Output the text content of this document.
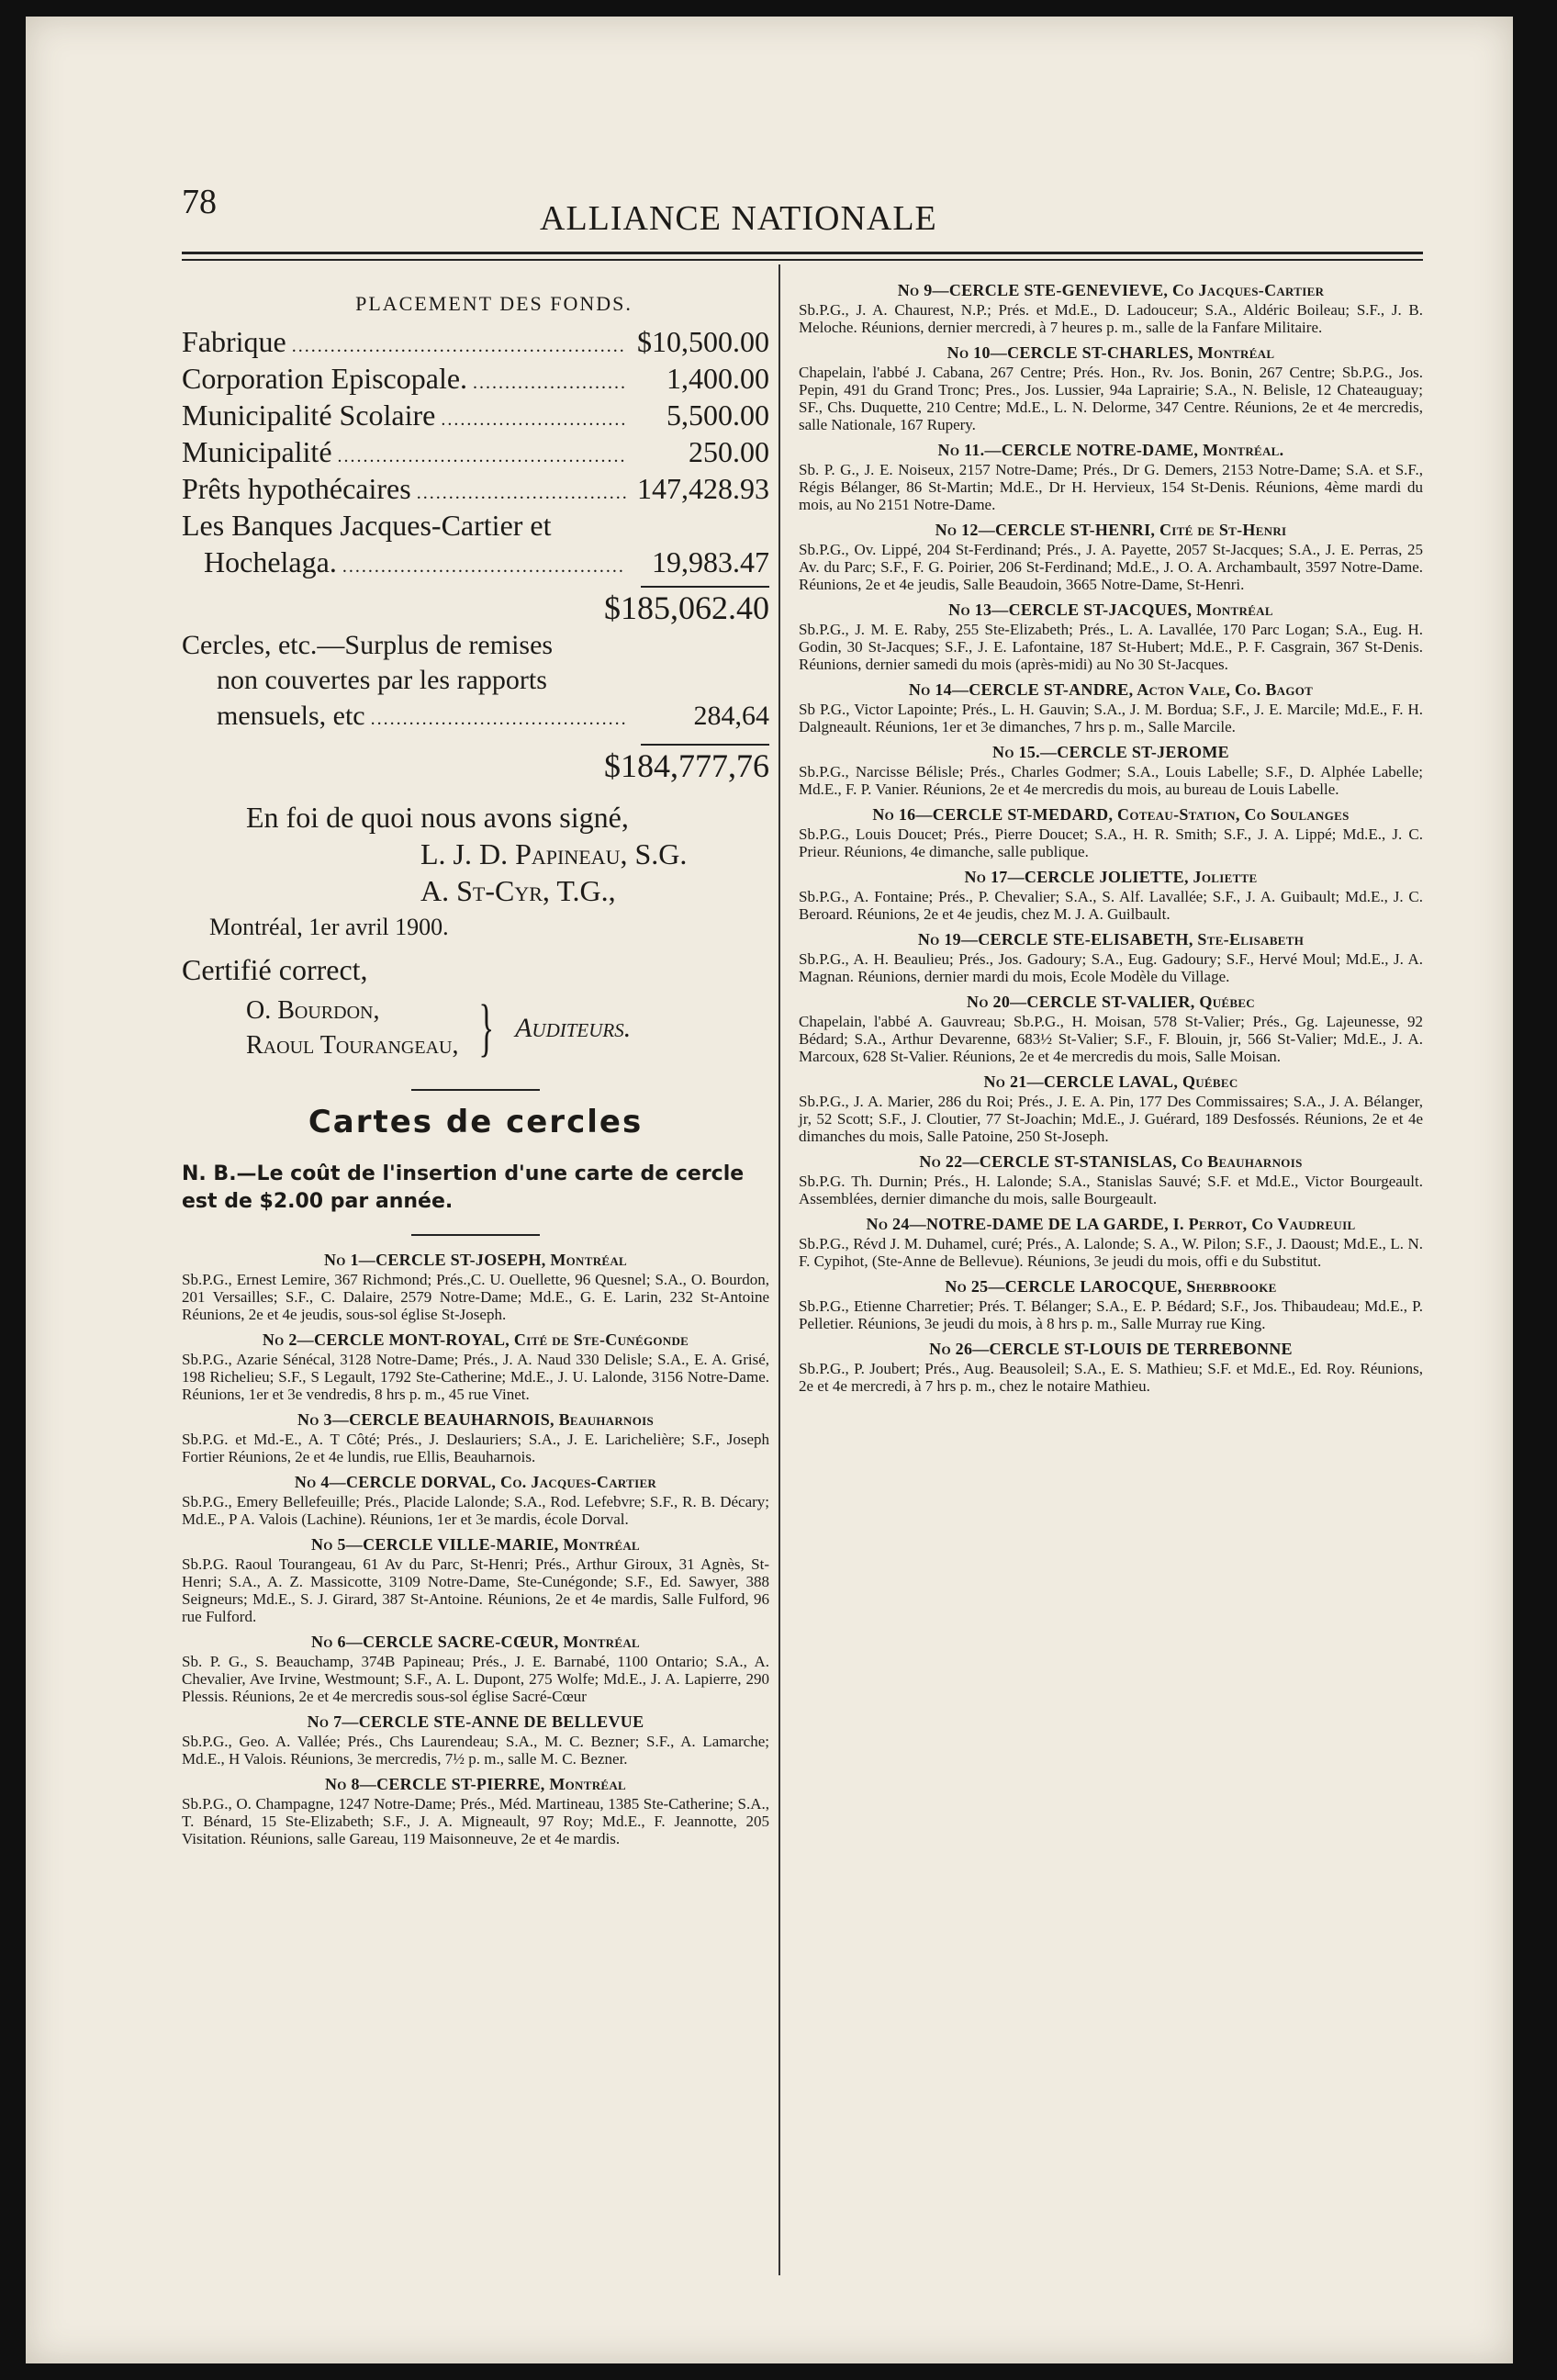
78	ALLIANCE NATIONALE
PLACEMENT DES FONDS.
Fabrique .....	$10,500.00
Corporation Episcopale. .....	1,400.00
Municipalité Scolaire .....	5,500.00
Municipalité .....	250.00
Prêts hypothécaires .....	147,428.93
Les Banques Jacques-Cartier et
Hochelaga. .....	19,983.47
$185,062.40
Cercles, etc.—Surplus de remises
non couvertes par les rapports
mensuels, etc .....	284,64
$184,777,76
En foi de quoi nous avons signé,
L. J. D. Papineau, S.G.
A. St-Cyr, T.G.,
Montréal, 1er avril 1900.
Certifié correct,
O. Bourdon,
Raoul Tourangeau, } Auditeurs.
Cartes de cercles
N. B.—Le coût de l'insertion d'une carte de cercle est de $2.00 par année.
No 1—CERCLE ST-JOSEPH, Montréal
Sb.P.G., Ernest Lemire, 367 Richmond; Prés.,C. U. Ouellette, 96 Quesnel; S.A., O. Bourdon, 201 Versailles; S.F., C. Dalaire, 2579 Notre-Dame; Md.E., G. E. Larin, 232 St-Antoine Réunions, 2e et 4e jeudis, sous-sol église St-Joseph.
No 2—CERCLE MONT-ROYAL, Cité de Ste-Cunégonde
Sb.P.G., Azarie Sénécal, 3128 Notre-Dame; Prés., J. A. Naud 330 Delisle; S.A., E. A. Grisé, 198 Richelieu; S.F., S Legault, 1792 Ste-Catherine; Md.E., J. U. Lalonde, 3156 Notre-Dame. Réunions, 1er et 3e vendredis, 8 hrs p. m., 45 rue Vinet.
No 3—CERCLE BEAUHARNOIS, Beauharnois
Sb.P.G. et Md.-E., A. T Côté; Prés., J. Deslauriers; S.A., J. E. Larichelière; S.F., Joseph Fortier Réunions, 2e et 4e lundis, rue Ellis, Beauharnois.
No 4—CERCLE DORVAL, Co. Jacques-Cartier
Sb.P.G., Emery Bellefeuille; Prés., Placide Lalonde; S.A., Rod. Lefebvre; S.F., R. B. Décary; Md.E., P A. Valois (Lachine). Réunions, 1er et 3e mardis, école Dorval.
No 5—CERCLE VILLE-MARIE, Montréal
Sb.P.G. Raoul Tourangeau, 61 Av du Parc, St-Henri; Prés., Arthur Giroux, 31 Agnès, St-Henri; S.A., A. Z. Massicotte, 3109 Notre-Dame, Ste-Cunégonde; S.F., Ed. Sawyer, 388 Seigneurs; Md.E., S. J. Girard, 387 St-Antoine. Réunions, 2e et 4e mardis, Salle Fulford, 96 rue Fulford.
No 6—CERCLE SACRE-CŒUR, Montréal
Sb. P. G., S. Beauchamp, 374B Papineau; Prés., J. E. Barnabé, 1100 Ontario; S.A., A. Chevalier, Ave Irvine, Westmount; S.F., A. L. Dupont, 275 Wolfe; Md.E., J. A. Lapierre, 290 Plessis. Réunions, 2e et 4e mercredis sous-sol église Sacré-Cœur
No 7—CERCLE STE-ANNE DE BELLEVUE
Sb.P.G., Geo. A. Vallée; Prés., Chs Laurendeau; S.A., M. C. Bezner; S.F., A. Lamarche; Md.E., H Valois. Réunions, 3e mercredis, 7½ p. m., salle M. C. Bezner.
No 8—CERCLE ST-PIERRE, Montréal
Sb.P.G., O. Champagne, 1247 Notre-Dame; Prés., Méd. Martineau, 1385 Ste-Catherine; S.A., T. Bénard, 15 Ste-Elizabeth; S.F., J. A. Migneault, 97 Roy; Md.E., F. Jeannotte, 205 Visitation. Réunions, salle Gareau, 119 Maisonneuve, 2e et 4e mardis.
No 9—CERCLE STE-GENEVIEVE, Co Jacques-Cartier
Sb.P.G., J. A. Chaurest, N.P.; Prés. et Md.E., D. Ladouceur; S.A., Aldéric Boileau; S.F., J. B. Meloche. Réunions, dernier mercredi, à 7 heures p. m., salle de la Fanfare Militaire.
No 10—CERCLE ST-CHARLES, Montréal
Chapelain, l'abbé J. Cabana, 267 Centre; Prés. Hon., Rv. Jos. Bonin, 267 Centre; Sb.P.G., Jos. Pepin, 491 du Grand Tronc; Pres., Jos. Lussier, 94a Laprairie; S.A., N. Belisle, 12 Chateauguay; SF., Chs. Duquette, 210 Centre; Md.E., L. N. Delorme, 347 Centre. Réunions, 2e et 4e mercredis, salle Nationale, 167 Rupery.
No 11.—CERCLE NOTRE-DAME, Montréal.
Sb. P. G., J. E. Noiseux, 2157 Notre-Dame; Prés., Dr G. Demers, 2153 Notre-Dame; S.A. et S.F., Régis Bélanger, 86 St-Martin; Md.E., Dr H. Hervieux, 154 St-Denis. Réunions, 4ème mardi du mois, au No 2151 Notre-Dame.
No 12—CERCLE ST-HENRI, Cité de St-Henri
Sb.P.G., Ov. Lippé, 204 St-Ferdinand; Prés., J. A. Payette, 2057 St-Jacques; S.A., J. E. Perras, 25 Av. du Parc; S.F., F. G. Poirier, 206 St-Ferdinand; Md.E., J. O. A. Archambault, 3597 Notre-Dame. Réunions, 2e et 4e jeudis, Salle Beaudoin, 3665 Notre-Dame, St-Henri.
No 13—CERCLE ST-JACQUES, Montréal
Sb.P.G., J. M. E. Raby, 255 Ste-Elizabeth; Prés., L. A. Lavallée, 170 Parc Logan; S.A., Eug. H. Godin, 30 St-Jacques; S.F., J. E. Lafontaine, 187 St-Hubert; Md.E., P. F. Casgrain, 367 St-Denis. Réunions, dernier samedi du mois (après-midi) au No 30 St-Jacques.
No 14—CERCLE ST-ANDRE, Acton Vale, Co. Bagot
Sb P.G., Victor Lapointe; Prés., L. H. Gauvin; S.A., J. M. Bordua; S.F., J. E. Marcile; Md.E., F. H. Dalgneault. Réunions, 1er et 3e dimanches, 7 hrs p. m., Salle Marcile.
No 15.—CERCLE ST-JEROME
Sb.P.G., Narcisse Bélisle; Prés., Charles Godmer; S.A., Louis Labelle; S.F., D. Alphée Labelle; Md.E., F. P. Vanier. Réunions, 2e et 4e mercredis du mois, au bureau de Louis Labelle.
No 16—CERCLE ST-MEDARD, Coteau-Station, Co Soulanges
Sb.P.G., Louis Doucet; Prés., Pierre Doucet; S.A., H. R. Smith; S.F., J. A. Lippé; Md.E., J. C. Prieur. Réunions, 4e dimanche, salle publique.
No 17—CERCLE JOLIETTE, Joliette
Sb.P.G., A. Fontaine; Prés., P. Chevalier; S.A., S. Alf. Lavallée; S.F., J. A. Guibault; Md.E., J. C. Beroard. Réunions, 2e et 4e jeudis, chez M. J. A. Guilbault.
No 19—CERCLE STE-ELISABETH, Ste-Elisabeth
Sb.P.G., A. H. Beaulieu; Prés., Jos. Gadoury; S.A., Eug. Gadoury; S.F., Hervé Moul; Md.E., J. A. Magnan. Réunions, dernier mardi du mois, Ecole Modèle du Village.
No 20—CERCLE ST-VALIER, Québec
Chapelain, l'abbé A. Gauvreau; Sb.P.G., H. Moisan, 578 St-Valier; Prés., Gg. Lajeunesse, 92 Bédard; S.A., Arthur Devarenne, 683½ St-Valier; S.F., F. Blouin, jr, 566 St-Valier; Md.E., J. A. Marcoux, 628 St-Valier. Réunions, 2e et 4e mercredis du mois, Salle Moisan.
No 21—CERCLE LAVAL, Québec
Sb.P.G., J. A. Marier, 286 du Roi; Prés., J. E. A. Pin, 177 Des Commissaires; S.A., J. A. Bélanger, jr, 52 Scott; S.F., J. Cloutier, 77 St-Joachin; Md.E., J. Guérard, 189 Desfossés. Réunions, 2e et 4e dimanches du mois, Salle Patoine, 250 St-Joseph.
No 22—CERCLE ST-STANISLAS, Co Beauharnois
Sb.P.G. Th. Durnin; Prés., H. Lalonde; S.A., Stanislas Sauvé; S.F. et Md.E., Victor Bourgeault. Assemblées, dernier dimanche du mois, salle Bourgeault.
No 24—NOTRE-DAME DE LA GARDE, I. Perrot, Co Vaudreuil
Sb.P.G., Révd J. M. Duhamel, curé; Prés., A. Lalonde; S. A., W. Pilon; S.F., J. Daoust; Md.E., L. N. F. Cypihot, (Ste-Anne de Bellevue). Réunions, 3e jeudi du mois, offi e du Substitut.
No 25—CERCLE LAROCQUE, Sherbrooke
Sb.P.G., Etienne Charretier; Prés. T. Bélanger; S.A., E. P. Bédard; S.F., Jos. Thibaudeau; Md.E., P. Pelletier. Réunions, 3e jeudi du mois, à 8 hrs p. m., Salle Murray rue King.
No 26—CERCLE ST-LOUIS DE TERREBONNE
Sb.P.G., P. Joubert; Prés., Aug. Beausoleil; S.A., E. S. Mathieu; S.F. et Md.E., Ed. Roy. Réunions, 2e et 4e mercredi, à 7 hrs p. m., chez le notaire Mathieu.
